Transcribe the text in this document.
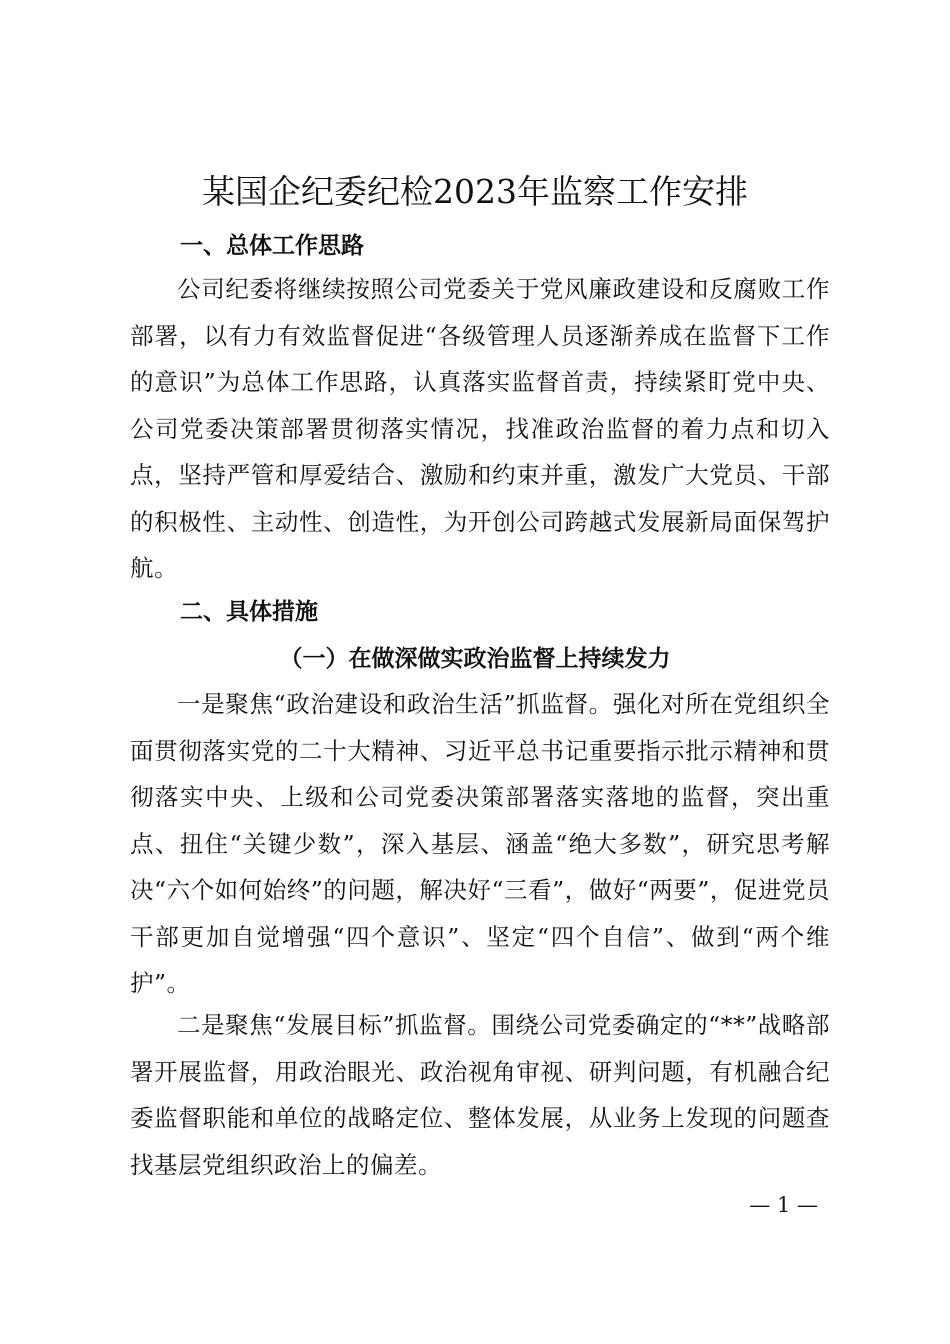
某国企纪委纪检2023年监察工作安排
一、总体工作思路

公司纪委将继续按照公司党委关于党风廉政建设和反腐败工作部署，以有力有效监督促进“各级管理人员逐渐养成在监督下工作的意识”为总体工作思路，认真落实监督首责，持续紧盯党中央、公司党委决策部署贯彻落实情况，找准政治监督的着力点和切入点，坚持严管和厚爱结合、激励和约束并重，激发广大党员、干部的积极性、主动性、创造性，为开创公司跨越式发展新局面保驾护航。

二、具体措施
（一）在做深做实政治监督上持续发力

一是聚焦“政治建设和政治生活”抓监督。强化对所在党组织全面贯彻落实党的二十大精神、习近平总书记重要指示批示精神和贯彻落实中央、上级和公司党委决策部署落实落地的监督，突出重点、扭住“关键少数”，深入基层、涵盖“绝大多数”，研究思考解决“六个如何始终”的问题，解决好“三看”，做好“两要”，促进党员干部更加自觉增强“四个意识”、坚定“四个自信”、做到“两个维护”。

二是聚焦“发展目标”抓监督。围绕公司党委确定的“**”战略部署开展监督，用政治眼光、政治视角审视、研判问题，有机融合纪委监督职能和单位的战略定位、整体发展，从业务上发现的问题查找基层党组织政治上的偏差。

— 1 —
